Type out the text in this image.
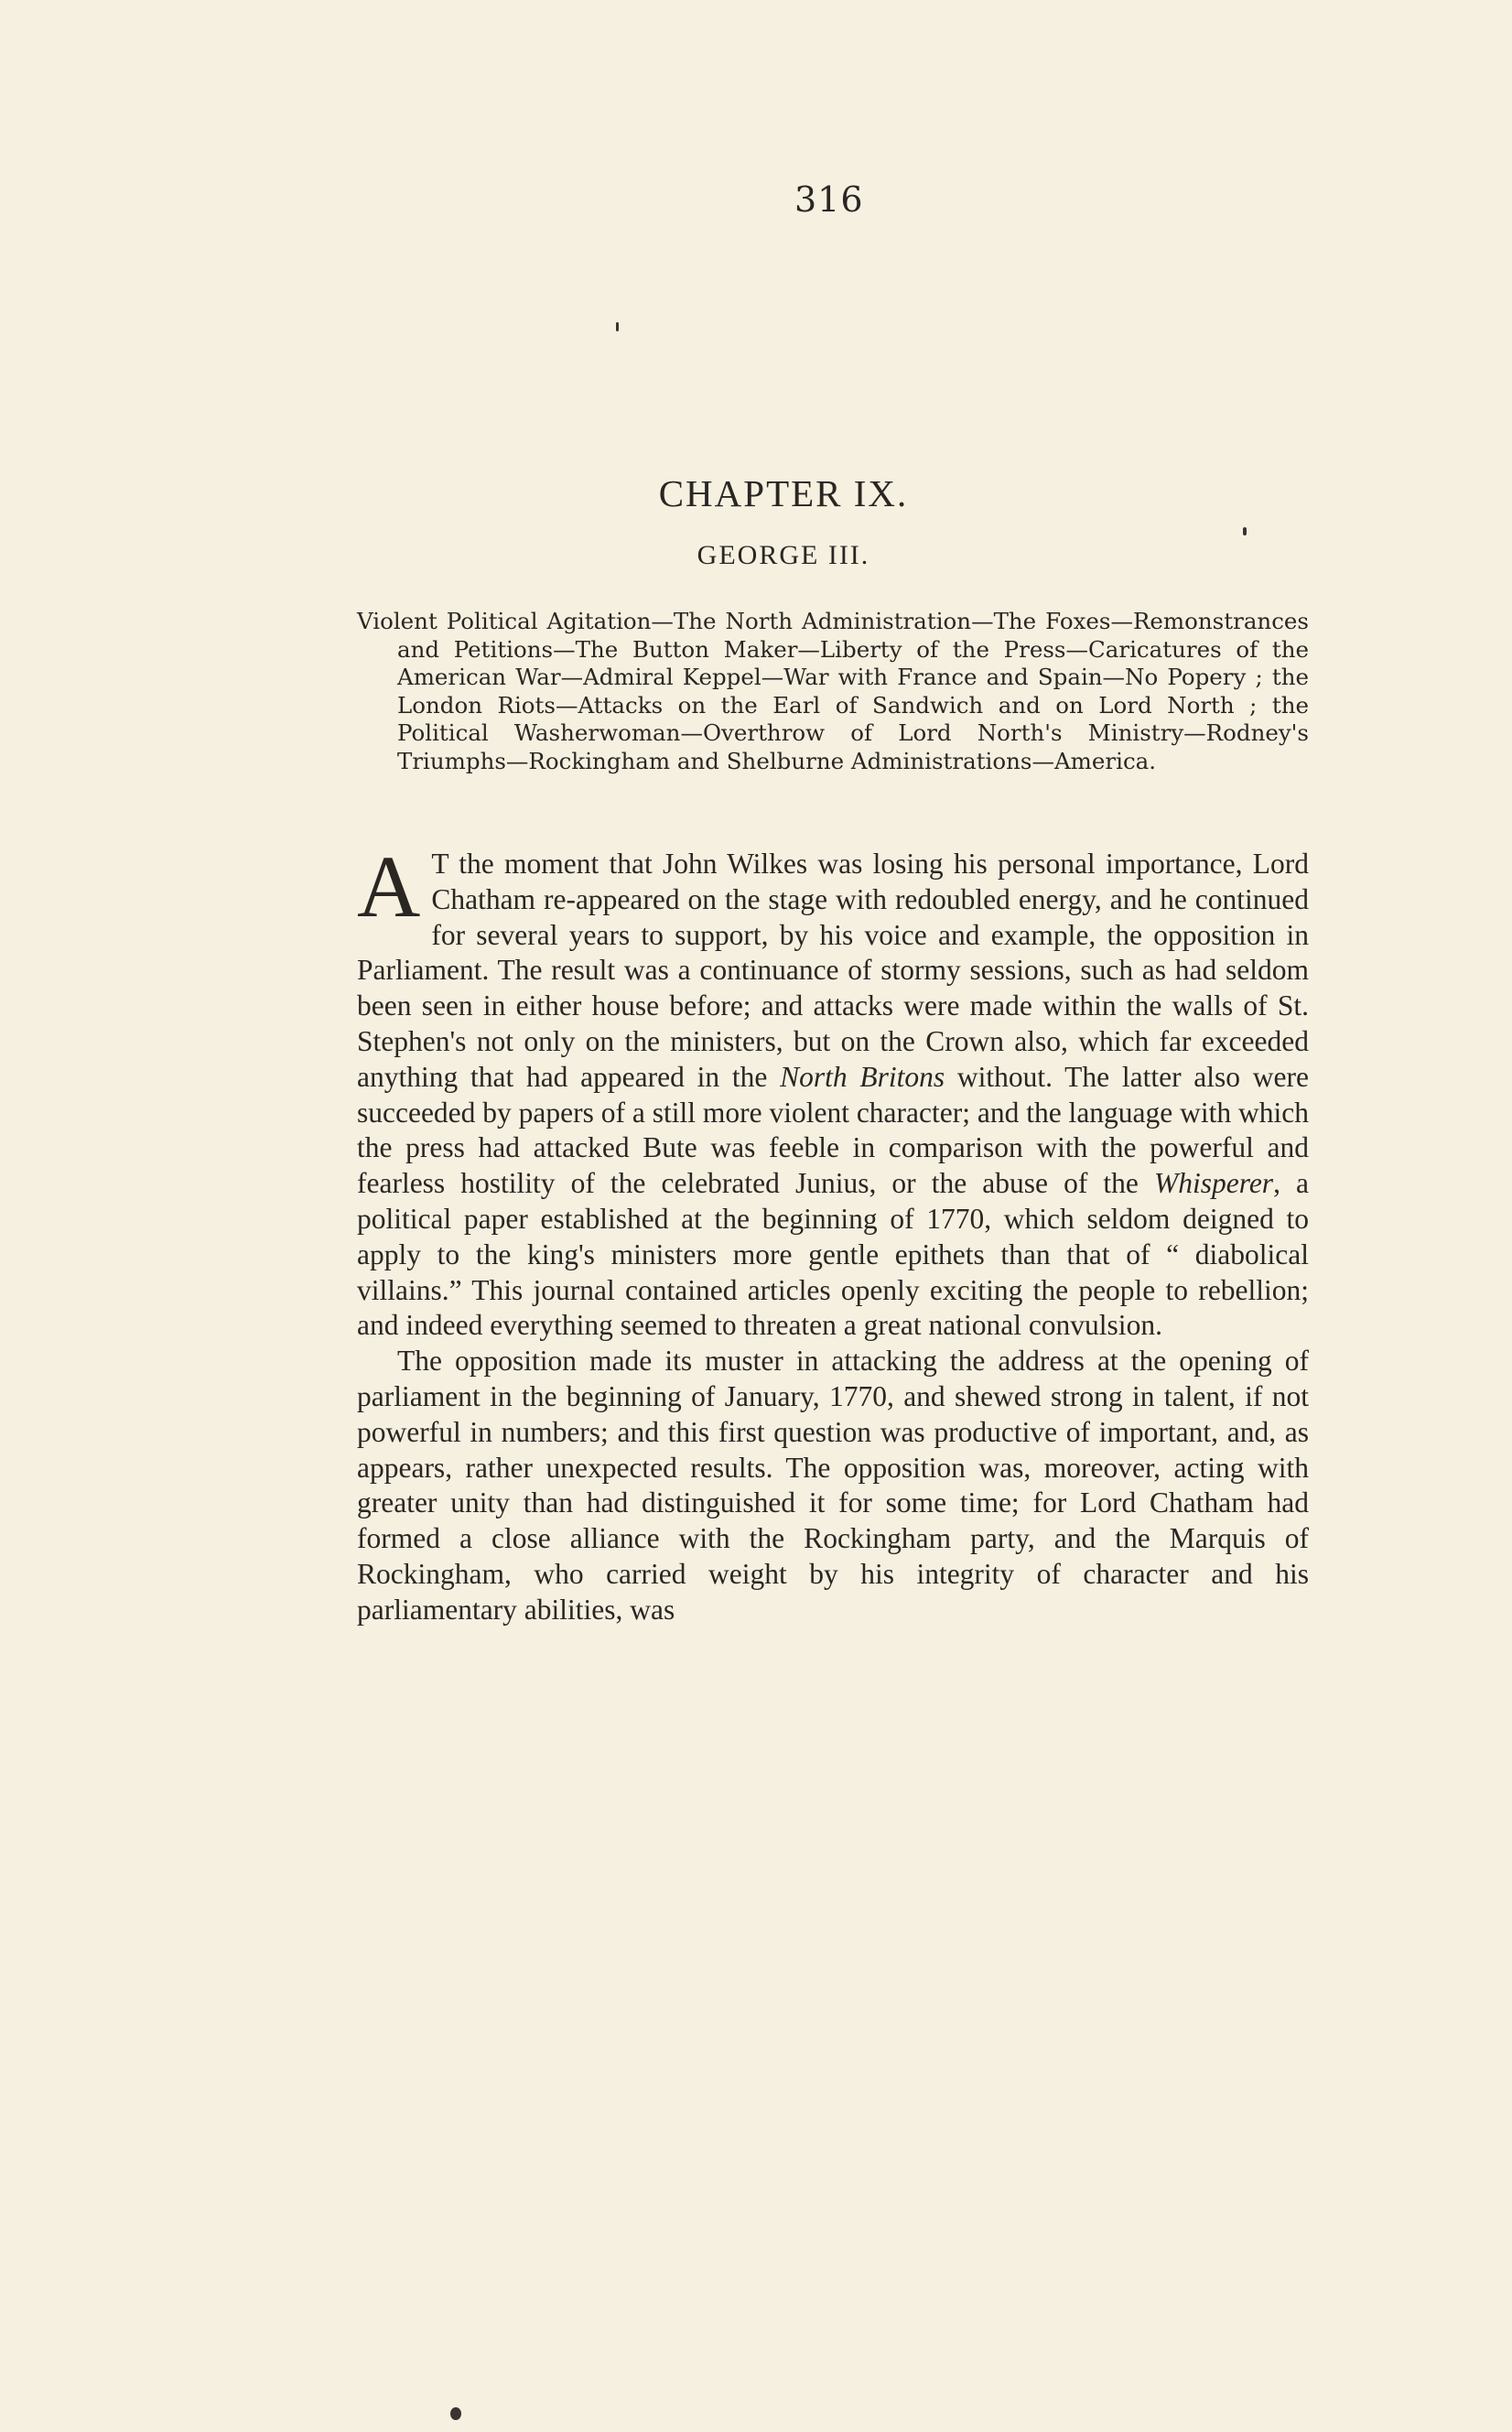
316
CHAPTER IX.
GEORGE III.
Violent Political Agitation—The North Administration—The Foxes—Remonstrances and Petitions—The Button Maker—Liberty of the Press—Caricatures of the American War—Admiral Keppel—War with France and Spain—No Popery ; the London Riots—Attacks on the Earl of Sandwich and on Lord North ; the Political Washerwoman—Overthrow of Lord North's Ministry—Rodney's Triumphs—Rockingham and Shelburne Administrations—America.

A T the moment that John Wilkes was losing his personal importance, Lord Chatham re-appeared on the stage with redoubled energy, and he continued for several years to support, by his voice and example, the opposition in Parliament. The result was a continuance of stormy sessions, such as had seldom been seen in either house before; and attacks were made within the walls of St. Stephen's not only on the ministers, but on the Crown also, which far exceeded anything that had appeared in the North Britons without. The latter also were succeeded by papers of a still more violent character; and the language with which the press had attacked Bute was feeble in comparison with the powerful and fearless hostility of the celebrated Junius, or the abuse of the Whisperer, a political paper established at the beginning of 1770, which seldom deigned to apply to the king's ministers more gentle epithets than that of “ diabolical villains.” This journal contained articles openly exciting the people to rebellion; and indeed everything seemed to threaten a great national convulsion.

The opposition made its muster in attacking the address at the opening of parliament in the beginning of January, 1770, and shewed strong in talent, if not powerful in numbers; and this first question was productive of important, and, as appears, rather unexpected results. The opposition was, moreover, acting with greater unity than had distinguished it for some time; for Lord Chatham had formed a close alliance with the Rockingham party, and the Marquis of Rockingham, who carried weight by his integrity of character and his parliamentary abilities, was
